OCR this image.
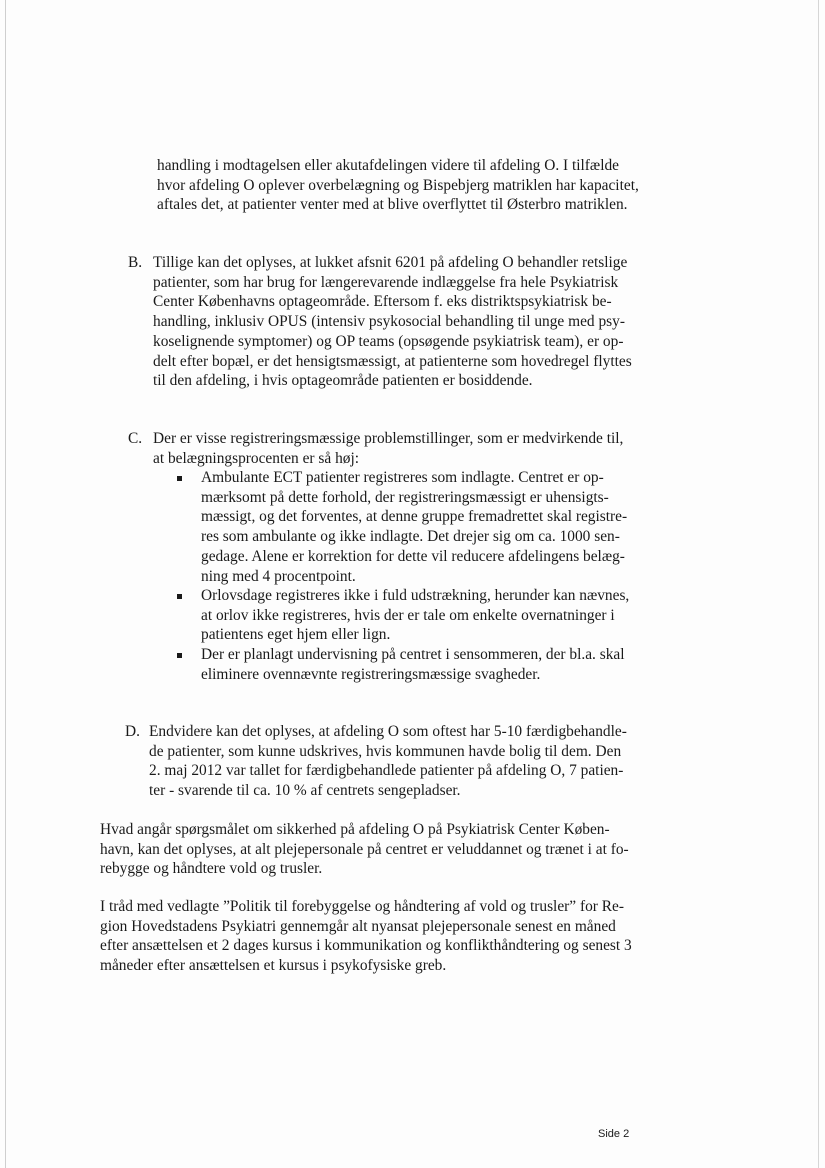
handling i modtagelsen eller akutafdelingen videre til afdeling O. I tilfælde
hvor afdeling O oplever overbelægning og Bispebjerg matriklen har kapacitet,
aftales det, at patienter venter med at blive overflyttet til Østerbro matriklen.
B. Tillige kan det oplyses, at lukket afsnit 6201 på afdeling O behandler retslige
patienter, som har brug for længerevarende indlæggelse fra hele Psykiatrisk
Center Københavns optageområde. Eftersom f. eks distriktspsykiatrisk be-
handling, inklusiv OPUS (intensiv psykosocial behandling til unge med psy-
koselignende symptomer) og OP teams (opsøgende psykiatrisk team), er op-
delt efter bopæl, er det hensigtsmæssigt, at patienterne som hovedregel flyttes
til den afdeling, i hvis optageområde patienten er bosiddende.
C. Der er visse registreringsmæssige problemstillinger, som er medvirkende til,
at belægningsprocenten er så høj:
Ambulante ECT patienter registreres som indlagte. Centret er op-
mærksomt på dette forhold, der registreringsmæssigt er uhensigts-
mæssigt, og det forventes, at denne gruppe fremadrettet skal registre-
res som ambulante og ikke indlagte. Det drejer sig om ca. 1000 sen-
gedage. Alene er korrektion for dette vil reducere afdelingens belæg-
ning med 4 procentpoint.
Orlovsdage registreres ikke i fuld udstrækning, herunder kan nævnes,
at orlov ikke registreres, hvis der er tale om enkelte overnatninger i
patientens eget hjem eller lign.
Der er planlagt undervisning på centret i sensommeren, der bl.a. skal
eliminere ovennævnte registreringsmæssige svagheder.
D. Endvidere kan det oplyses, at afdeling O som oftest har 5-10 færdigbehandle-
de patienter, som kunne udskrives, hvis kommunen havde bolig til dem. Den
2. maj 2012 var tallet for færdigbehandlede patienter på afdeling O, 7 patien-
ter - svarende til ca. 10 % af centrets sengepladser.
Hvad angår spørgsmålet om sikkerhed på afdeling O på Psykiatrisk Center Køben-
havn, kan det oplyses, at alt plejepersonale på centret er veluddannet og trænet i at fo-
rebygge og håndtere vold og trusler.
I tråd med vedlagte ”Politik til forebyggelse og håndtering af vold og trusler” for Re-
gion Hovedstadens Psykiatri gennemgår alt nyansat plejepersonale senest en måned
efter ansættelsen et 2 dages kursus i kommunikation og konflikthåndtering og senest 3
måneder efter ansættelsen et kursus i psykofysiske greb.
Side 2
